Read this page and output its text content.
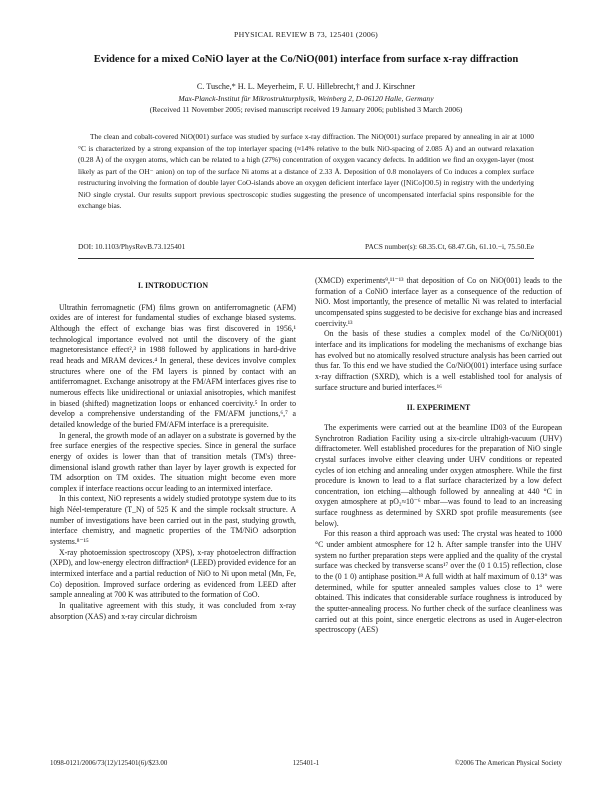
PHYSICAL REVIEW B 73, 125401 (2006)
Evidence for a mixed CoNiO layer at the Co/NiO(001) interface from surface x-ray diffraction
C. Tusche,* H. L. Meyerheim, F. U. Hillebrecht,† and J. Kirschner
Max-Planck-Institut für Mikrostrukturphysik, Weinberg 2, D-06120 Halle, Germany
(Received 11 November 2005; revised manuscript received 19 January 2006; published 3 March 2006)
The clean and cobalt-covered NiO(001) surface was studied by surface x-ray diffraction. The NiO(001) surface prepared by annealing in air at 1000 °C is characterized by a strong expansion of the top interlayer spacing (≈14% relative to the bulk NiO-spacing of 2.085 Å) and an outward relaxation (0.28 Å) of the oxygen atoms, which can be related to a high (27%) concentration of oxygen vacancy defects. In addition we find an oxygen-layer (most likely as part of the OH⁻ anion) on top of the surface Ni atoms at a distance of 2.33 Å. Deposition of 0.8 monolayers of Co induces a complex surface restructuring involving the formation of double layer CoO-islands above an oxygen deficient interface layer ([NiCo]O0.5) in registry with the underlying NiO single crystal. Our results support previous spectroscopic studies suggesting the presence of uncompensated interfacial spins responsible for the exchange bias.
DOI: 10.1103/PhysRevB.73.125401	PACS number(s): 68.35.Ct, 68.47.Gh, 61.10.−i, 75.50.Ee

I. INTRODUCTION

Ultrathin ferromagnetic (FM) films grown on antiferromagnetic (AFM) oxides are of interest for fundamental studies of exchange biased systems. Although the effect of exchange bias was first discovered in 1956,¹ technological importance evolved not until the discovery of the giant magnetoresistance effect²,³ in 1988 followed by applications in hard-drive read heads and MRAM devices.⁴ In general, these devices involve complex structures where one of the FM layers is pinned by contact with an antiferromagnet. Exchange anisotropy at the FM/AFM interfaces gives rise to numerous effects like unidirectional or uniaxial anisotropies, which manifest in biased (shifted) magnetization loops or enhanced coercivity.⁵ In order to develop a comprehensive understanding of the FM/AFM junctions,⁶,⁷ a detailed knowledge of the buried FM/AFM interface is a prerequisite.

In general, the growth mode of an adlayer on a substrate is governed by the free surface energies of the respective species. Since in general the surface energy of oxides is lower than that of transition metals (TM's) three-dimensional island growth rather than layer by layer growth is expected for TM adsorption on TM oxides. The situation might become even more complex if interface reactions occur leading to an intermixed interface.

In this context, NiO represents a widely studied prototype system due to its high Néel-temperature (T_N) of 525 K and the simple rocksalt structure. A number of investigations have been carried out in the past, studying growth, interface chemistry, and magnetic properties of the TM/NiO adsorption systems.⁸⁻¹⁵

X-ray photoemission spectroscopy (XPS), x-ray photoelectron diffraction (XPD), and low-energy electron diffraction⁸ (LEED) provided evidence for an intermixed interface and a partial reduction of NiO to Ni upon metal (Mn, Fe, Co) deposition. Improved surface ordering as evidenced from LEED after sample annealing at 700 K was attributed to the formation of CoO.

In qualitative agreement with this study, it was concluded from x-ray absorption (XAS) and x-ray circular dichroism

(XMCD) experiments⁹,¹¹⁻¹³ that deposition of Co on NiO(001) leads to the formation of a CoNiO interface layer as a consequence of the reduction of NiO. Most importantly, the presence of metallic Ni was related to interfacial uncompensated spins suggested to be decisive for exchange bias and increased coercivity.¹³

On the basis of these studies a complex model of the Co/NiO(001) interface and its implications for modeling the mechanisms of exchange bias has evolved but no atomically resolved structure analysis has been carried out thus far. To this end we have studied the Co/NiO(001) interface using surface x-ray diffraction (SXRD), which is a well established tool for analysis of surface structure and buried interfaces.¹⁶

II. EXPERIMENT

The experiments were carried out at the beamline ID03 of the European Synchrotron Radiation Facility using a six-circle ultrahigh-vacuum (UHV) diffractometer. Well established procedures for the preparation of NiO single crystal surfaces involve either cleaving under UHV conditions or repeated cycles of ion etching and annealing under oxygen atmosphere. While the first procedure is known to lead to a flat surface characterized by a low defect concentration, ion etching—although followed by annealing at 440 °C in oxygen atmosphere at pO₂≈10⁻⁶ mbar—was found to lead to an increasing surface roughness as determined by SXRD spot profile measurements (see below).

For this reason a third approach was used: The crystal was heated to 1000 °C under ambient atmosphere for 12 h. After sample transfer into the UHV system no further preparation steps were applied and the quality of the crystal surface was checked by transverse scans¹⁷ over the (0 1 0.15) reflection, close to the (0 1 0) antiphase position.¹⁸ A full width at half maximum of 0.13° was determined, while for sputter annealed samples values close to 1° were obtained. This indicates that considerable surface roughness is introduced by the sputter-annealing process. No further check of the surface cleanliness was carried out at this point, since energetic electrons as used in Auger-electron spectroscopy (AES)

1098-0121/2006/73(12)/125401(6)/$23.00	125401-1	©2006 The American Physical Society
